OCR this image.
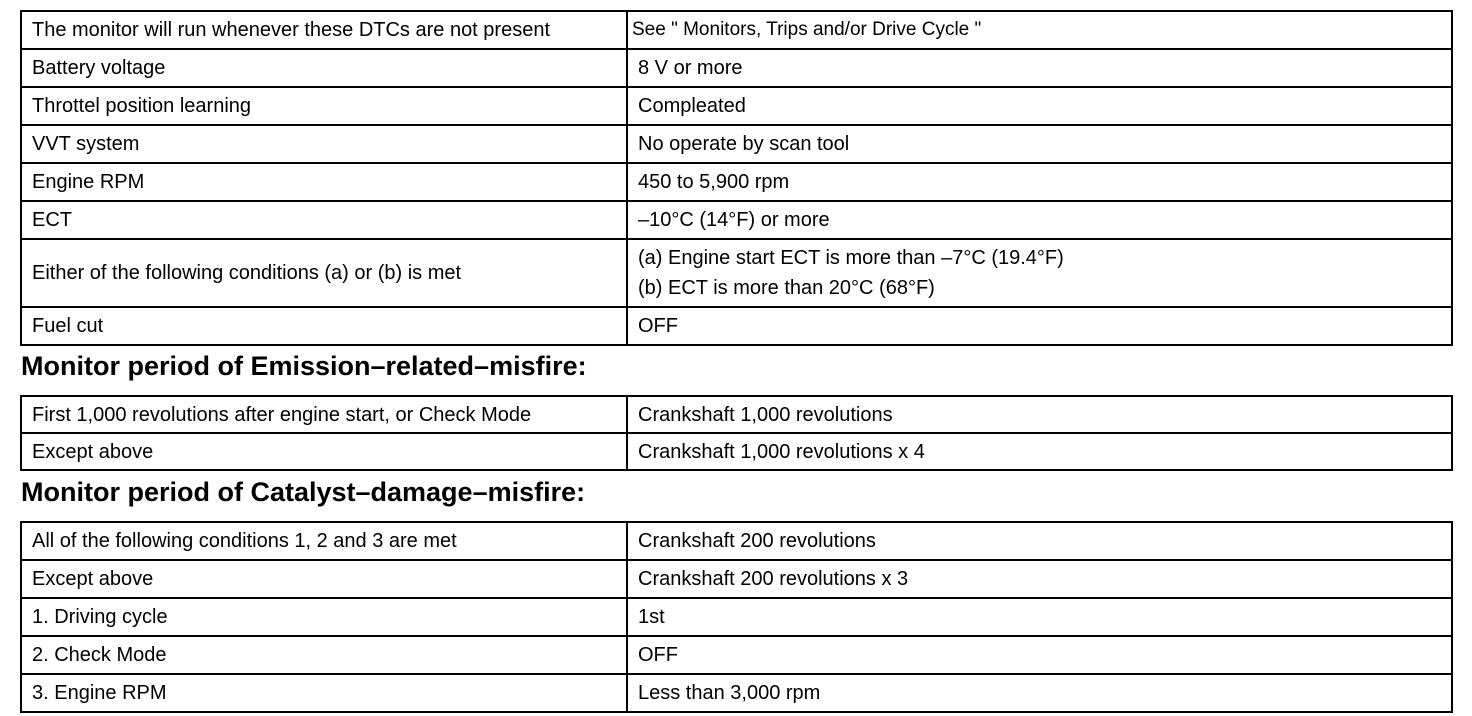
The monitor will run whenever these DTCs are not present	See " Monitors, Trips and/or Drive Cycle "
Battery voltage	8 V or more
Throttel position learning	Compleated
VVT system	No operate by scan tool
Engine RPM	450 to 5,900 rpm
ECT	–10°C (14°F) or more
Either of the following conditions (a) or (b) is met	(a) Engine start ECT is more than –7°C (19.4°F)
(b) ECT is more than 20°C (68°F)

Fuel cut	OFF
Monitor period of Emission–related–misfire:
First 1,000 revolutions after engine start, or Check Mode	Crankshaft 1,000 revolutions
Except above	Crankshaft 1,000 revolutions x 4
Monitor period of Catalyst–damage–misfire:
All of the following conditions 1, 2 and 3 are met	Crankshaft 200 revolutions
Except above	Crankshaft 200 revolutions x 3
1. Driving cycle	1st
2. Check Mode	OFF
3. Engine RPM	Less than 3,000 rpm
